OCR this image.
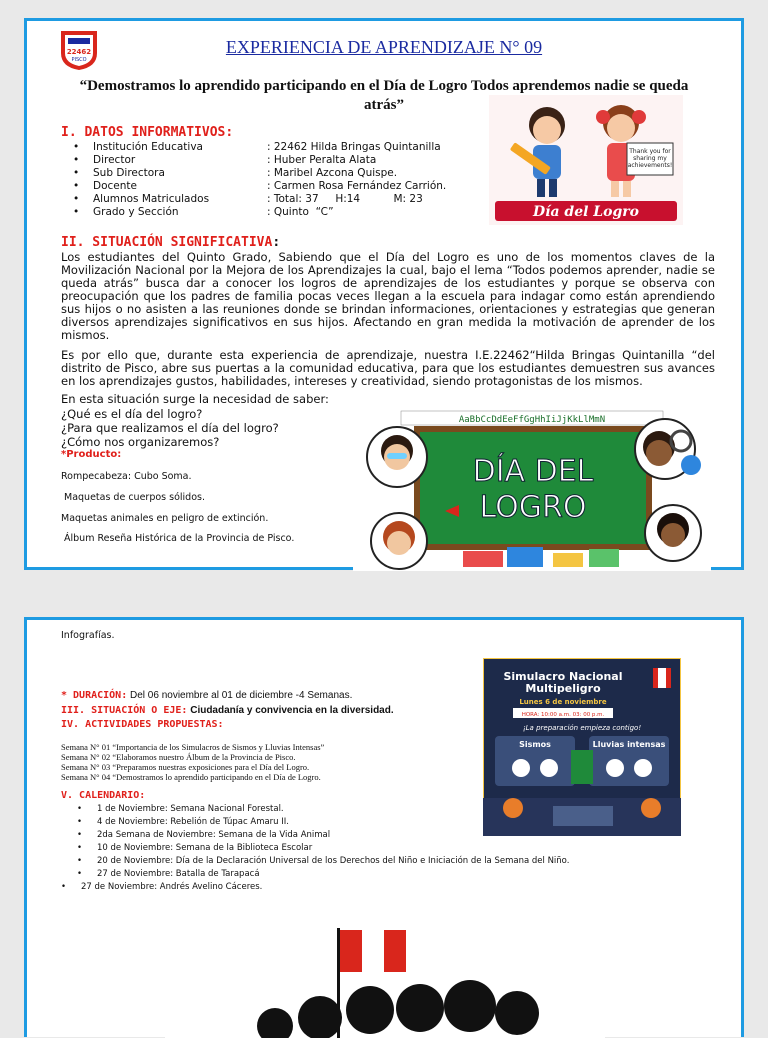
22462
PISCO
EXPERIENCIA DE APRENDIZAJE N° 09
“Demostramos lo aprendido participando en el Día de Logro Todos aprendemos nadie se queda atrás”
I. DATOS INFORMATIVOS:
•	Institución Educativa	: 22462 Hilda Bringas Quintanilla
•	Director	: Huber Peralta Alata
•	Sub Directora	: Maribel Azcona Quispe.
•	Docente	: Carmen Rosa Fernández Carrión.
•	Alumnos Matriculados	: Total: 37     H:14          M: 23
•	Grado y Sección	: Quinto  “C”
Thank you for sharing my achievements!
Día del Logro
II. SITUACIÓN SIGNIFICATIVA:
Los estudiantes del Quinto Grado, Sabiendo que el Día del Logro es uno de los momentos claves de la Movilización Nacional por la Mejora de los Aprendizajes la cual, bajo el lema “Todos podemos aprender, nadie se queda atrás” busca dar a conocer los logros de aprendizajes de los estudiantes y porque se observa con preocupación que los padres de familia pocas veces llegan a la escuela para indagar como están aprendiendo sus hijos o no asisten a las reuniones donde se brindan informaciones, orientaciones y estrategias que generan diversos aprendizajes significativos en sus hijos. Afectando en gran medida la motivación de aprender de los mismos.
Es por ello que, durante esta experiencia de aprendizaje, nuestra I.E.22462“Hilda Bringas Quintanilla “del distrito de Pisco, abre sus puertas a la comunidad educativa, para que los estudiantes demuestren sus avances en los aprendizajes gustos, habilidades, intereses y creatividad, siendo protagonistas de los mismos.
En esta situación surge la necesidad de saber:
¿Qué es el día del logro?
¿Para que realizamos el día del logro?
¿Cómo nos organizaremos?
*Producto:
Rompecabeza: Cubo Soma.
Maquetas de cuerpos sólidos.
Maquetas animales en peligro de extinción.
Álbum Reseña Histórica de la Provincia de Pisco.
AaBbCcDdEeFfGgHhIiJjKkLlMmN
DÍA DEL
LOGRO
Infografías.
* DURACIÓN: Del 06 noviembre al 01 de diciembre -4 Semanas.
III. SITUACIÓN O EJE: Ciudadanía y convivencia en la diversidad.
IV. ACTIVIDADES PROPUESTAS:
Semana N° 01 “Importancia de los Simulacros de Sismos y Lluvias Intensas”
Semana N° 02 “Elaboramos nuestro Álbum de la Provincia de Pisco.
Semana N° 03 “Preparamos nuestras exposiciones para el Día del Logro.
Semana N° 04 “Demostramos lo aprendido participando en el Día de Logro.
V. CALENDARIO:
• 1 de Noviembre: Semana Nacional Forestal.
• 4 de Noviembre: Rebelión de Túpac Amaru II.
• 2da Semana de Noviembre: Semana de la Vida Animal
• 10 de Noviembre: Semana de la Biblioteca Escolar
• 20 de Noviembre: Día de la Declaración Universal de los Derechos del Niño e Iniciación de la Semana del Niño.
• 27 de Noviembre: Batalla de Tarapacá
• 27 de Noviembre: Andrés Avelino Cáceres.
Simulacro Nacional
Multipeligro
Lunes 6 de noviembre
HORA: 10:00 a.m. 03: 00 p.m.
¡La preparación empieza contigo!
Sismos	Lluvias intensas
